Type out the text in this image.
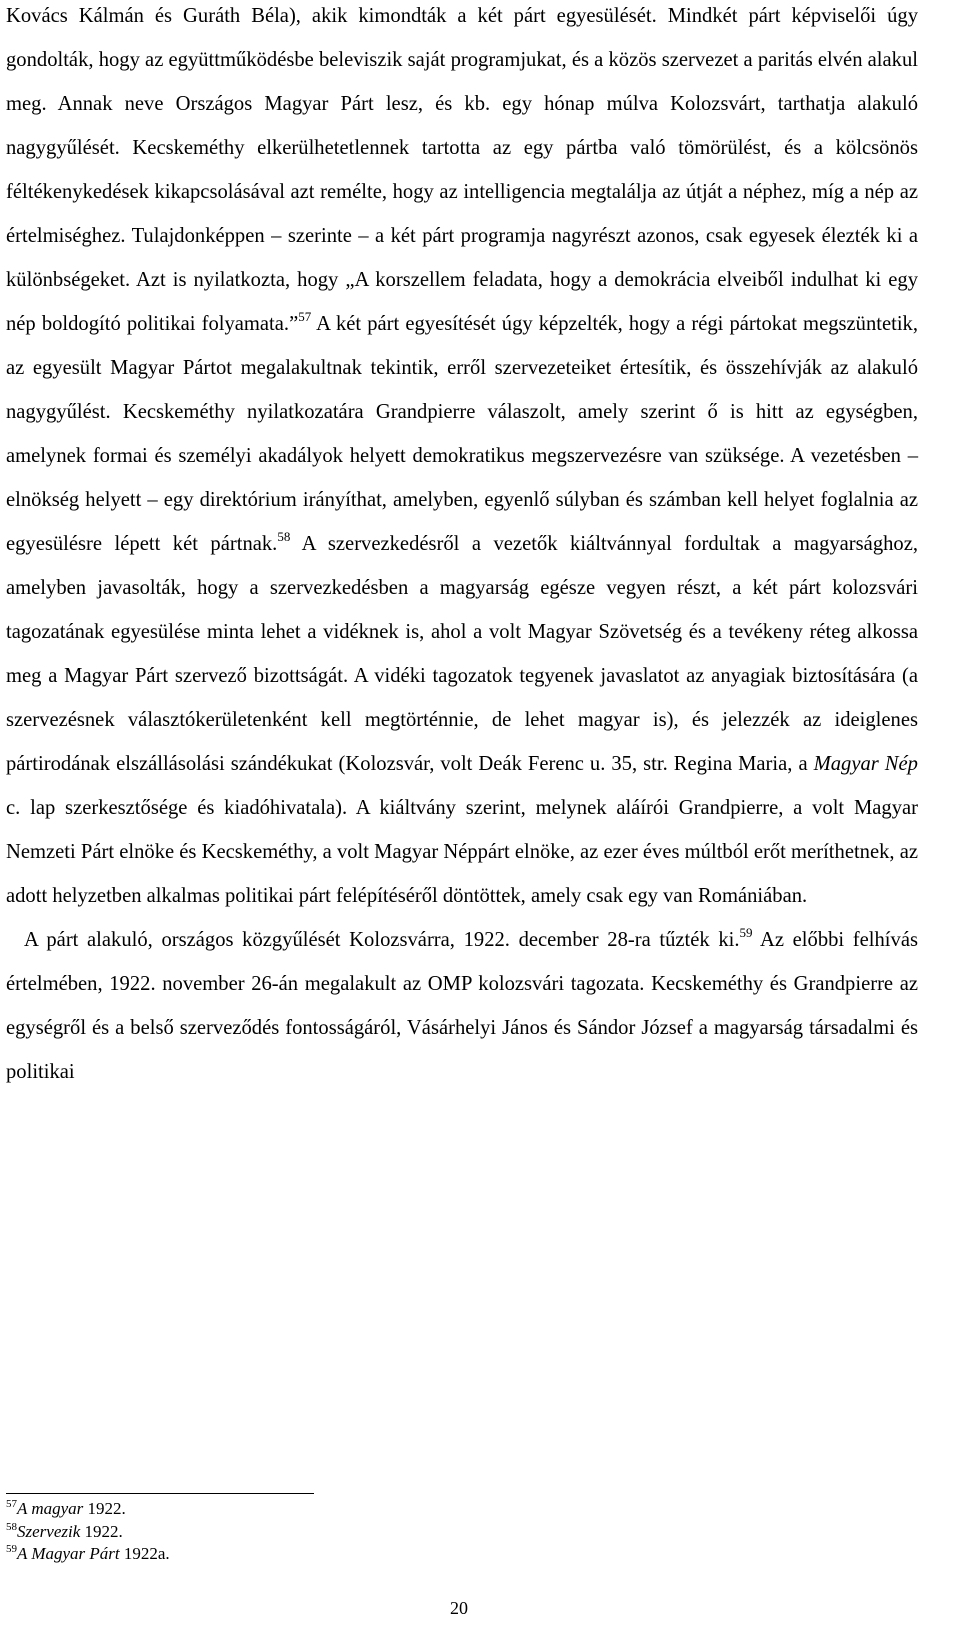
Kovács Kálmán és Guráth Béla), akik kimondták a két párt egyesülését. Mindkét párt képviselői úgy gondolták, hogy az együttműködésbe beleviszik saját programjukat, és a közös szervezet a paritás elvén alakul meg. Annak neve Országos Magyar Párt lesz, és kb. egy hónap múlva Kolozsvárt, tarthatja alakuló nagygyűlését. Kecskeméthy elkerülhetetlennek tartotta az egy pártba való tömörülést, és a kölcsönös féltékenykedések kikapcsolásával azt remélte, hogy az intelligencia megtalálja az útját a néphez, míg a nép az értelmiséghez. Tulajdonképpen – szerinte – a két párt programja nagyrészt azonos, csak egyesek élezték ki a különbségeket. Azt is nyilatkozta, hogy „A korszellem feladata, hogy a demokrácia elveiből indulhat ki egy nép boldogító politikai folyamata.”$^{57}$ A két párt egyesítését úgy képzelték, hogy a régi pártokat megszüntetik, az egyesült Magyar Pártot megalakultnak tekintik, erről szervezeteiket értesítik, és összehívják az alakuló nagygyűlést. Kecskeméthy nyilatkozatára Grandpierre válaszolt, amely szerint ő is hitt az egységben, amelynek formai és személyi akadályok helyett demokratikus megszervezésre van szüksége. A vezetésben – elnökség helyett – egy direktórium irányíthat, amelyben, egyenlő súlyban és számban kell helyet foglalnia az egyesülésre lépett két pártnak.$^{58}$ A szervezkedésről a vezetők kiáltvánnyal fordultak a magyarsághoz, amelyben javasolták, hogy a szervezkedésben a magyarság egésze vegyen részt, a két párt kolozsvári tagozatának egyesülése minta lehet a vidéknek is, ahol a volt Magyar Szövetség és a tevékeny réteg alkossa meg a Magyar Párt szervező bizottságát. A vidéki tagozatok tegyenek javaslatot az anyagiak biztosítására (a szervezésnek választókerületenként kell megtörténnie, de lehet magyar is), és jelezzék az ideiglenes pártirodának elszállásolási szándékukat (Kolozsvár, volt Deák Ferenc u. 35, str. Regina Maria, a Magyar Nép c. lap szerkesztősége és kiadóhivatala). A kiáltvány szerint, melynek aláírói Grandpierre, a volt Magyar Nemzeti Párt elnöke és Kecskeméthy, a volt Magyar Néppárt elnöke, az ezer éves múltból erőt meríthetnek, az adott helyzetben alkalmas politikai párt felépítéséről döntöttek, amely csak egy van Romániában.

A párt alakuló, országos közgyűlését Kolozsvárra, 1922. december 28-ra tűzték ki.$^{59}$ Az előbbi felhívás értelmében, 1922. november 26-án megalakult az OMP kolozsvári tagozata. Kecskeméthy és Grandpierre az egységről és a belső szerveződés fontosságáról, Vásárhelyi János és Sándor József a magyarság társadalmi és politikai

$^{57}$A magyar 1922.
$^{58}$Szervezik 1922.
$^{59}$A Magyar Párt 1922a.
20
